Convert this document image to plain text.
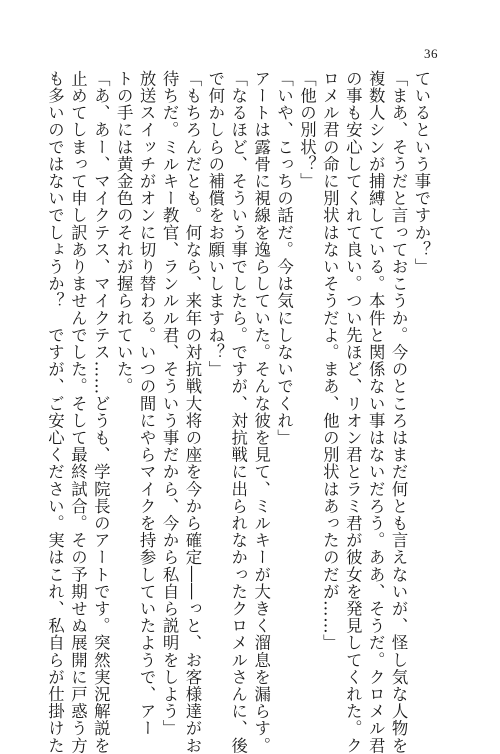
36
ているという事ですか？」
「まあ、そうだと言っておこうか。今のところはまだ何とも言えないが、怪し気な人物を
複数人シンが捕縛している。本件と関係ない事はないだろう。ああ、そうだ。クロメル君
の事も安心してくれて良い。つい先ほど、リオン君とラミ君が彼女を発見してくれた。ク
ロメル君の命に別状はないそうだよ。まあ、他の別状はあったのだが……」
「他の別状？」
「いや、こっちの話だ。今は気にしないでくれ」
アートは露骨に視線を逸らしていた。そんな彼を見て、ミルキーが大きく溜息を漏らす。
「なるほど、そういう事でしたら。ですが、対抗戦に出られなかったクロメルさんに、後
で何かしらの補償をお願いしますね？」
「もちろんだとも。何なら、来年の対抗戦大将の座を今から確定――っと、お客様達がお
待ちだ。ミルキー教官、ランルル君、そういう事だから、今から私自ら説明をしよう」
放送スイッチがオンに切り替わる。いつの間にやらマイクを持参していたようで、アー
トの手には黄金色のそれが握られていた。
「あ、あー、マイクテス、マイクテス……どうも、学院長のアートです。突然実況解説を
止めてしまって申し訳ありませんでした。そして最終試合。その予期せぬ展開に戸惑う方
も多いのではないでしょうか？　ですが、ご安心ください。実はこれ、私自らが仕掛けた
